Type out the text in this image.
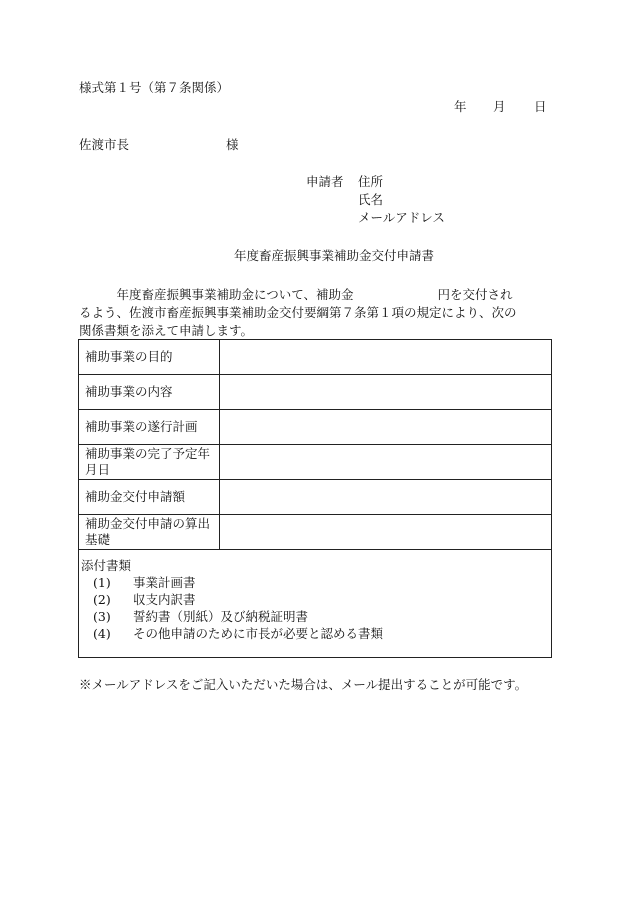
様式第１号（第７条関係）
年 月 日
佐渡市長	様
申請者 住所
氏名
メールアドレス
年度畜産振興事業補助金交付申請書
   年度畜産振興事業補助金について、補助金	円を交付され
るよう、佐渡市畜産振興事業補助金交付要綱第７条第１項の規定により、次の
関係書類を添えて申請します。
補助事業の目的	
補助事業の内容	
補助事業の遂行計画	
補助事業の完了予定年月日	
補助金交付申請額	
補助金交付申請の算出基礎	

添付書類
(1) 事業計画書
(2) 収支内訳書
(3) 誓約書（別紙）及び納税証明書
(4) その他申請のために市長が必要と認める書類	
※メールアドレスをご記入いただいた場合は、メール提出することが可能です。
